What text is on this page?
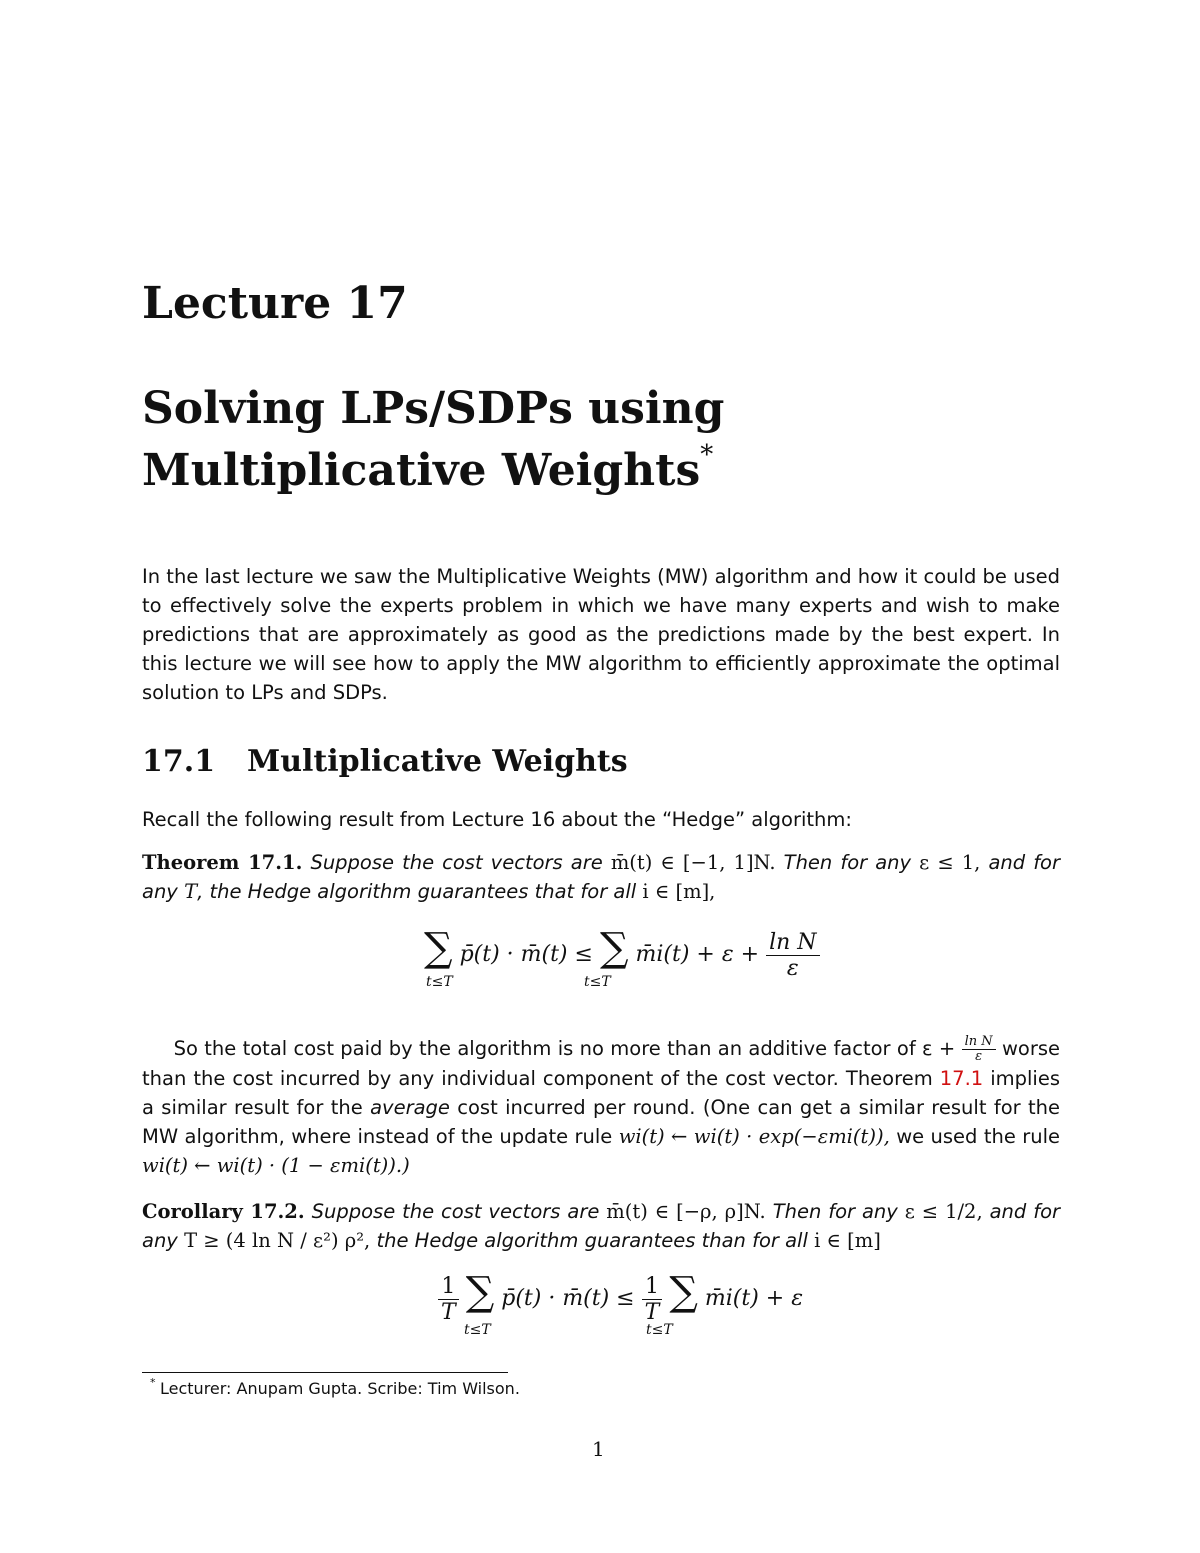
Lecture 17
Solving LPs/SDPs using
Multiplicative Weights*

In the last lecture we saw the Multiplicative Weights (MW) algorithm and how it could be used to effectively solve the experts problem in which we have many experts and wish to make predictions that are approximately as good as the predictions made by the best expert. In this lecture we will see how to apply the MW algorithm to efficiently approximate the optimal solution to LPs and SDPs.

17.1 Multiplicative Weights

Recall the following result from Lecture 16 about the “Hedge” algorithm:

Theorem 17.1. Suppose the cost vectors are m̄(t) ∈ [−1, 1]N. Then for any ε ≤ 1, and for any T, the Hedge algorithm guarantees that for all i ∈ [m],

∑ p̄(t) · m̄(t) ≤ ∑ m̄i(t) + $\varepsilon + \frac{\text{ln N}}{\varepsilon}$
t≤T	t≤T

So the total cost paid by the algorithm is no more than an additive factor of $\varepsilon + \frac{\text{ln N}}{\varepsilon}$ worse than the cost incurred by any individual component of the cost vector. Theorem 17.1 implies a similar result for the average cost incurred per round. (One can get a similar result for the MW algorithm, where instead of the update rule wi(t) ← wi(t) · exp(−εmi(t)), we used the rule wi(t) ← wi(t) · (1 − εmi(t)).)

Corollary 17.2. Suppose the cost vectors are m̄(t) ∈ [−ρ, ρ]N. Then for any ε ≤ 1/2, and for any T ≥ (4 ln N / ε²) ρ², the Hedge algorithm guarantees than for all i ∈ [m]

$\frac{1}{T}$ ∑ p̄(t) · m̄(t) ≤ $\frac{1}{T}$ ∑ m̄i(t) + ε
t≤T	t≤T
* Lecturer: Anupam Gupta. Scribe: Tim Wilson.
1
